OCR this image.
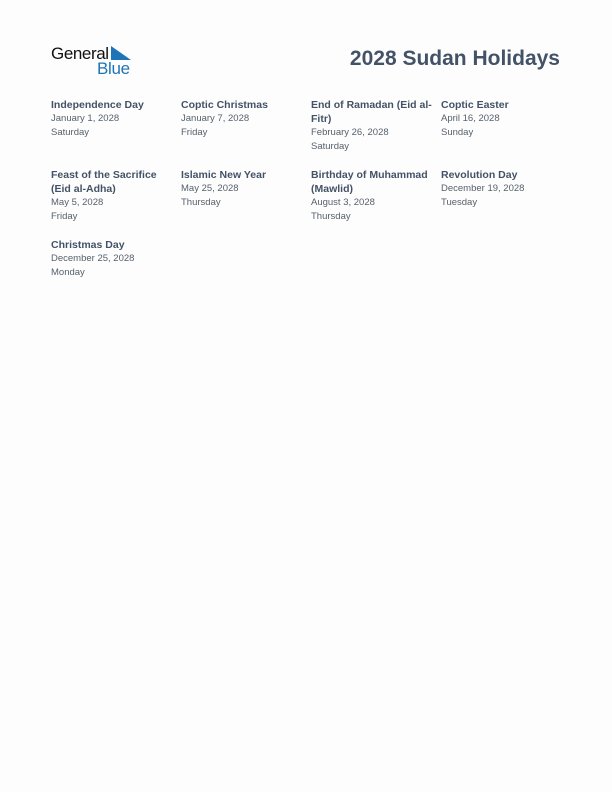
General
Blue	2028 Sudan Holidays
Independence Day
January 1, 2028
Saturday
Coptic Christmas
January 7, 2028
Friday
End of Ramadan (Eid al-Fitr)
February 26, 2028
Saturday
Coptic Easter
April 16, 2028
Sunday
Feast of the Sacrifice (Eid al-Adha)
May 5, 2028
Friday
Islamic New Year
May 25, 2028
Thursday
Birthday of Muhammad (Mawlid)
August 3, 2028
Thursday
Revolution Day
December 19, 2028
Tuesday
Christmas Day
December 25, 2028
Monday
